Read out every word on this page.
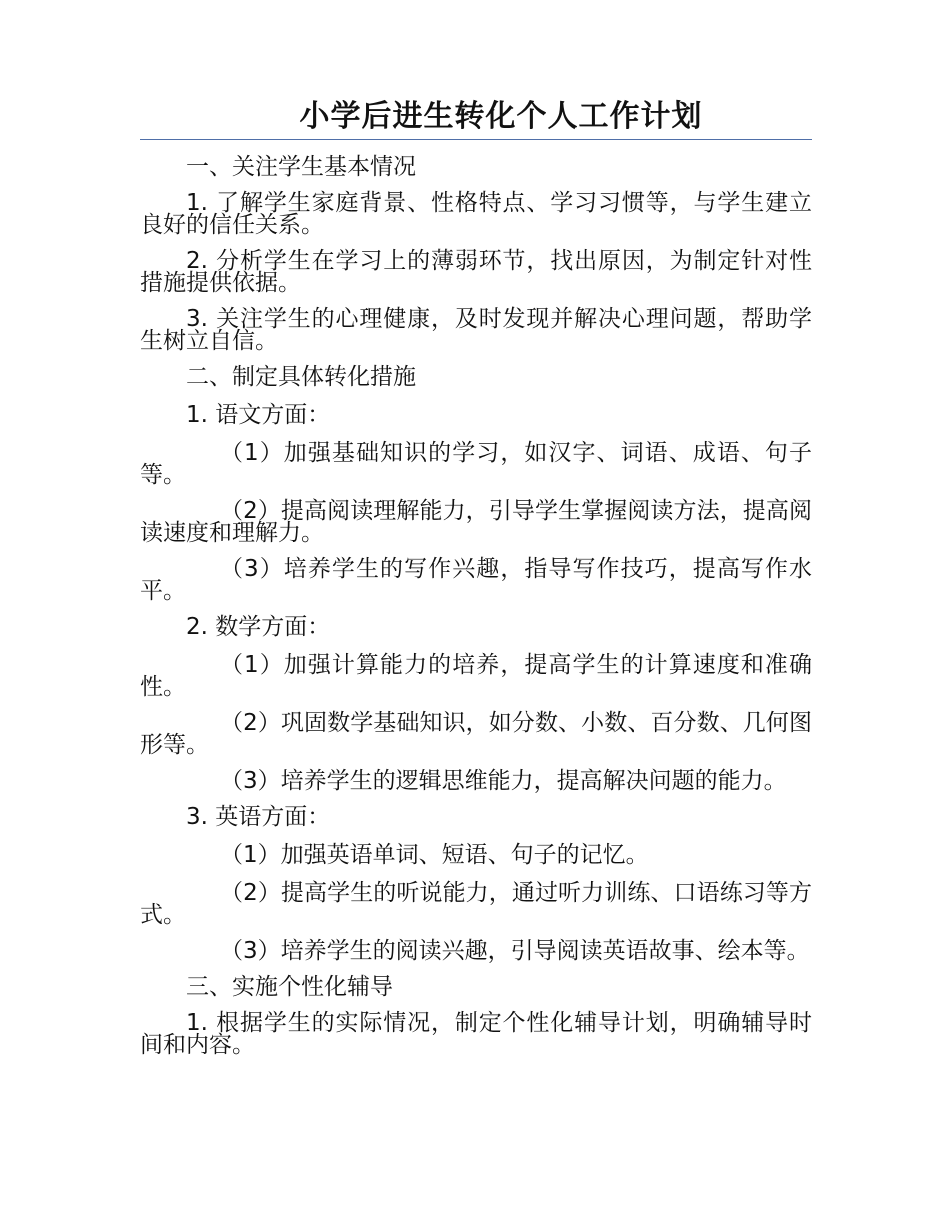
小学后进生转化个人工作计划

一、关注学生基本情况

1. 了解学生家庭背景、性格特点、学习习惯等，与学生建立良好的信任关系。

2. 分析学生在学习上的薄弱环节，找出原因，为制定针对性措施提供依据。

3. 关注学生的心理健康，及时发现并解决心理问题，帮助学生树立自信。

二、制定具体转化措施

1. 语文方面：

（1）加强基础知识的学习，如汉字、词语、成语、句子等。

（2）提高阅读理解能力，引导学生掌握阅读方法，提高阅读速度和理解力。

（3）培养学生的写作兴趣，指导写作技巧，提高写作水平。

2. 数学方面：

（1）加强计算能力的培养，提高学生的计算速度和准确性。

（2）巩固数学基础知识，如分数、小数、百分数、几何图形等。

（3）培养学生的逻辑思维能力，提高解决问题的能力。

3. 英语方面：

（1）加强英语单词、短语、句子的记忆。

（2）提高学生的听说能力，通过听力训练、口语练习等方式。

（3）培养学生的阅读兴趣，引导阅读英语故事、绘本等。

三、实施个性化辅导

1. 根据学生的实际情况，制定个性化辅导计划，明确辅导时间和内容。
